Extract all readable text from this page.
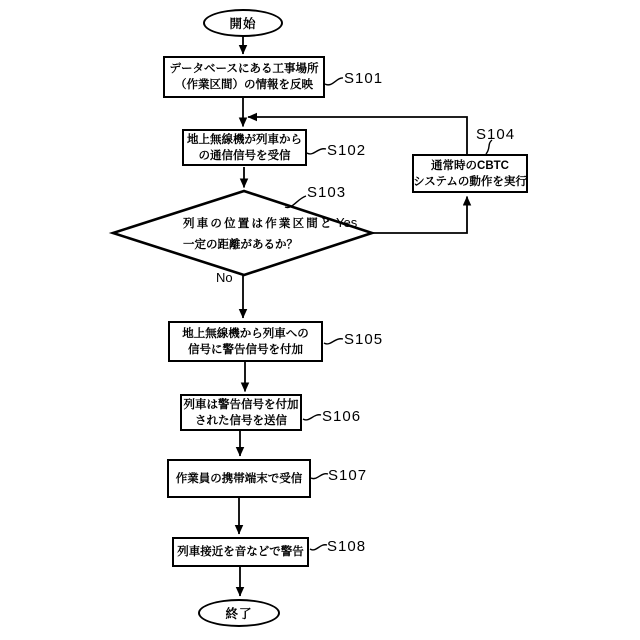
開始
終了
データベースにある工事場所
（作業区間）の情報を反映
地上無線機が列車から
の通信信号を受信
通常時のCBTC
システムの動作を実行
地上無線機から列車への
信号に警告信号を付加
列車は警告信号を付加
された信号を送信
作業員の携帯端末で受信
列車接近を音などで警告
列車の位置は作業区間と
一定の距離があるか？
S101
S102
S103
S104
S105
S106
S107
S108
Yes
No
